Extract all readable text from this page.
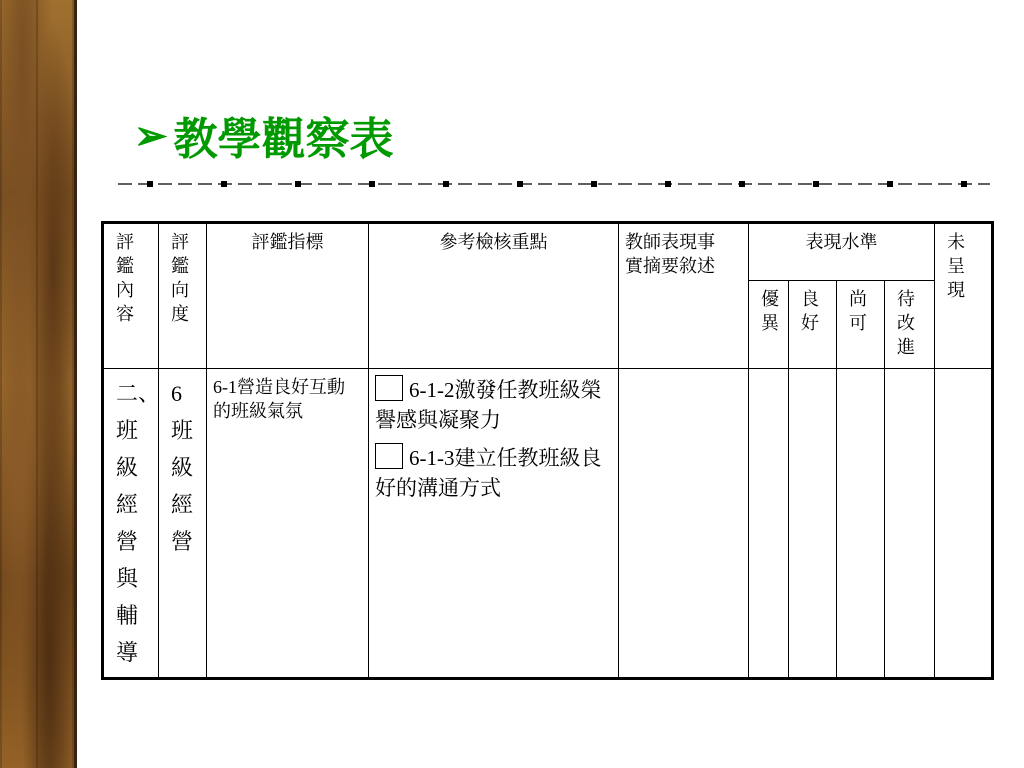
➢ 教學觀察表
評鑑內容	評鑑向度	評鑑指標	參考檢核重點	教師表現事實摘要敘述	表現水準				未呈現

					優異	良好	尚可	待改進	

二、班級經營與輔導	6班級經營	6-1營造良好互動的班級氣氛	6-1-2激發任教班級榮譽感與凝聚力
6-1-3建立任教班級良好的溝通方式						
